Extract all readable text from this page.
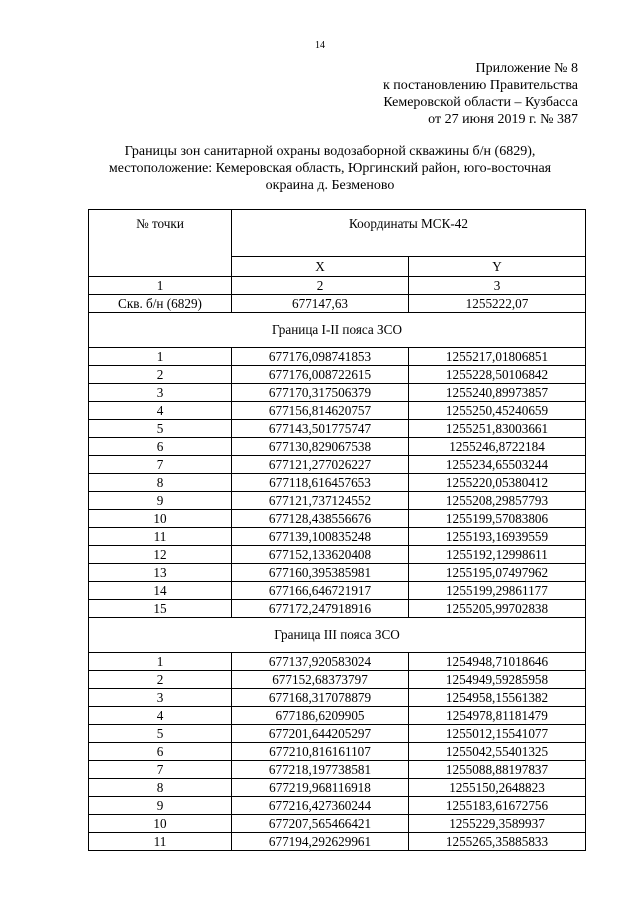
14
Приложение № 8
к постановлению Правительства
Кемеровской области – Кузбасса
от 27 июня 2019 г. № 387
Границы зон санитарной охраны водозаборной скважины б/н (6829),
местоположение: Кемеровская область, Юргинский район, юго-восточная
окраина д. Безменово
№ точки	Координаты МСК-42	
	X	Y
1	2	3
Скв. б/н (6829)	677147,63	1255222,07
Граница I-II пояса ЗСО		
1	677176,098741853	1255217,01806851
2	677176,008722615	1255228,50106842
3	677170,317506379	1255240,89973857
4	677156,814620757	1255250,45240659
5	677143,501775747	1255251,83003661
6	677130,829067538	1255246,8722184
7	677121,277026227	1255234,65503244
8	677118,616457653	1255220,05380412
9	677121,737124552	1255208,29857793
10	677128,438556676	1255199,57083806
11	677139,100835248	1255193,16939559
12	677152,133620408	1255192,12998611
13	677160,395385981	1255195,07497962
14	677166,646721917	1255199,29861177
15	677172,247918916	1255205,99702838
Граница III пояса ЗСО		
1	677137,920583024	1254948,71018646
2	677152,68373797	1254949,59285958
3	677168,317078879	1254958,15561382
4	677186,6209905	1254978,81181479
5	677201,644205297	1255012,15541077
6	677210,816161107	1255042,55401325
7	677218,197738581	1255088,88197837
8	677219,968116918	1255150,2648823
9	677216,427360244	1255183,61672756
10	677207,565466421	1255229,3589937
11	677194,292629961	1255265,35885833
